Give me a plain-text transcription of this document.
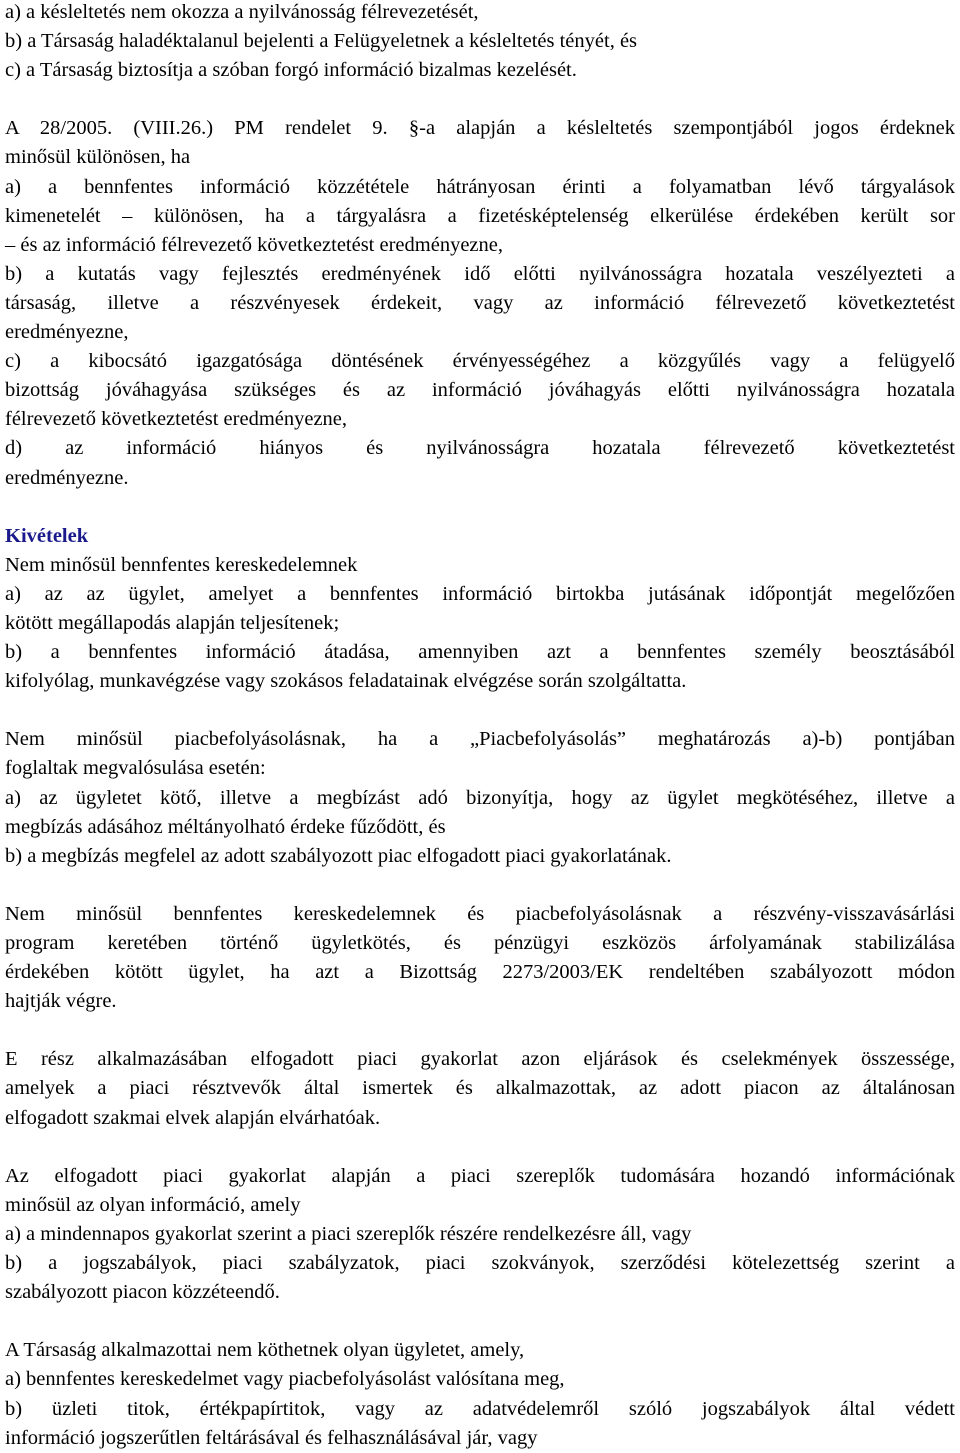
a) a késleltetés nem okozza a nyilvánosság félrevezetését,
b) a Társaság haladéktalanul bejelenti a Felügyeletnek a késleltetés tényét, és
c) a Társaság biztosítja a szóban forgó információ bizalmas kezelését.
A 28/2005. (VIII.26.) PM rendelet 9. §-a alapján a késleltetés szempontjából jogos érdeknek
minősül különösen, ha
a) a bennfentes információ közzététele hátrányosan érinti a folyamatban lévő tárgyalások
kimenetelét – különösen, ha a tárgyalásra a fizetésképtelenség elkerülése érdekében került sor
– és az információ félrevezető következtetést eredményezne,
b) a kutatás vagy fejlesztés eredményének idő előtti nyilvánosságra hozatala veszélyezteti a
társaság, illetve a részvényesek érdekeit, vagy az információ félrevezető következtetést
eredményezne,
c) a kibocsátó igazgatósága döntésének érvényességéhez a közgyűlés vagy a felügyelő
bizottság jóváhagyása szükséges és az információ jóváhagyás előtti nyilvánosságra hozatala
félrevezető következtetést eredményezne,
d) az információ hiányos és nyilvánosságra hozatala félrevezető következtetést
eredményezne.
Kivételek
Nem minősül bennfentes kereskedelemnek
a) az az ügylet, amelyet a bennfentes információ birtokba jutásának időpontját megelőzően
kötött megállapodás alapján teljesítenek;
b) a bennfentes információ átadása, amennyiben azt a bennfentes személy beosztásából
kifolyólag, munkavégzése vagy szokásos feladatainak elvégzése során szolgáltatta.
Nem minősül piacbefolyásolásnak, ha a „Piacbefolyásolás” meghatározás a)-b) pontjában
foglaltak megvalósulása esetén:
a) az ügyletet kötő, illetve a megbízást adó bizonyítja, hogy az ügylet megkötéséhez, illetve a
megbízás adásához méltányolható érdeke fűződött, és
b) a megbízás megfelel az adott szabályozott piac elfogadott piaci gyakorlatának.
Nem minősül bennfentes kereskedelemnek és piacbefolyásolásnak a részvény-visszavásárlási
program keretében történő ügyletkötés, és pénzügyi eszközös árfolyamának stabilizálása
érdekében kötött ügylet, ha azt a Bizottság 2273/2003/EK rendeltében szabályozott módon
hajtják végre.
E rész alkalmazásában elfogadott piaci gyakorlat azon eljárások és cselekmények összessége,
amelyek a piaci résztvevők által ismertek és alkalmazottak, az adott piacon az általánosan
elfogadott szakmai elvek alapján elvárhatóak.
Az elfogadott piaci gyakorlat alapján a piaci szereplők tudomására hozandó információnak
minősül az olyan információ, amely
a) a mindennapos gyakorlat szerint a piaci szereplők részére rendelkezésre áll, vagy
b) a jogszabályok, piaci szabályzatok, piaci szokványok, szerződési kötelezettség szerint a
szabályozott piacon közzéteendő.
A Társaság alkalmazottai nem köthetnek olyan ügyletet, amely,
a) bennfentes kereskedelmet vagy piacbefolyásolást valósítana meg,
b) üzleti titok, értékpapírtitok, vagy az adatvédelemről szóló jogszabályok által védett
információ jogszerűtlen feltárásával és felhasználásával jár, vagy
